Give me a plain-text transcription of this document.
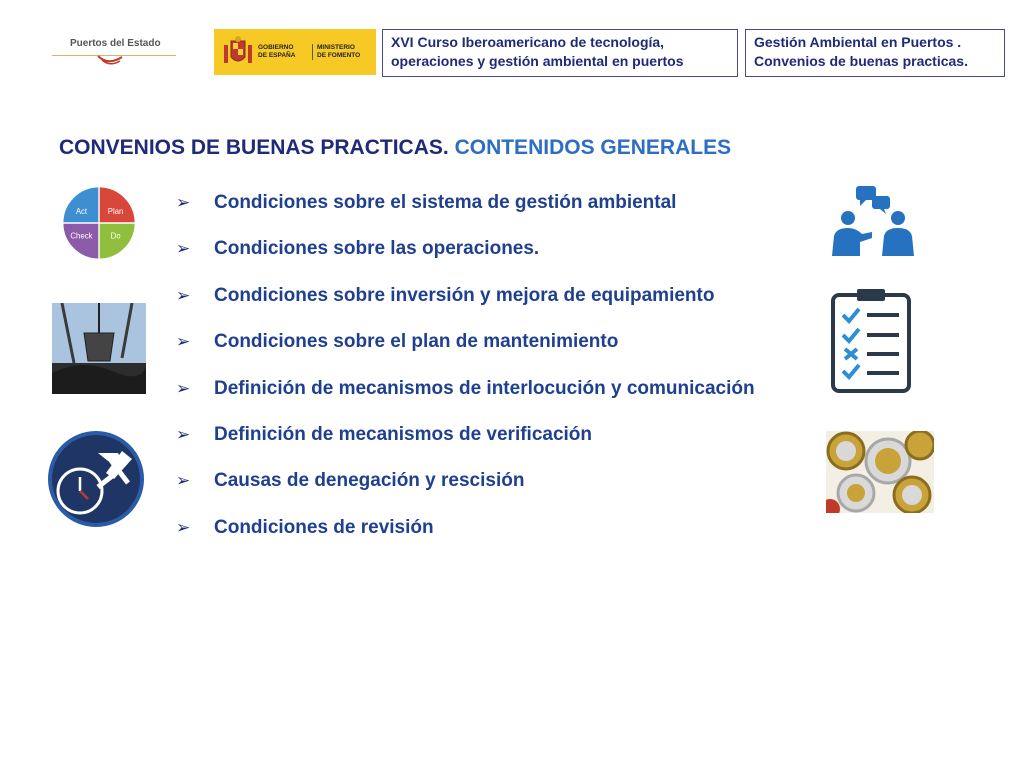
Puertos del Estado	GOBIERNO
DE ESPAÑA
MINISTERIO
DE FOMENTO
XVI Curso Iberoamericano de tecnología, operaciones y gestión ambiental en puertos
Gestión Ambiental en Puertos . Convenios de buenas practicas.
CONVENIOS DE BUENAS PRACTICAS. CONTENIDOS GENERALES
Act	Plan
Check Do
➢	Condiciones sobre el sistema de gestión ambiental
➢	Condiciones sobre las operaciones.
➢	Condiciones sobre inversión y mejora de equipamiento
➢	Condiciones sobre el plan de mantenimiento
➢	Definición de mecanismos de interlocución y comunicación
➢	Definición de mecanismos de verificación
➢	Causas de denegación y rescisión
➢	Condiciones de revisión
